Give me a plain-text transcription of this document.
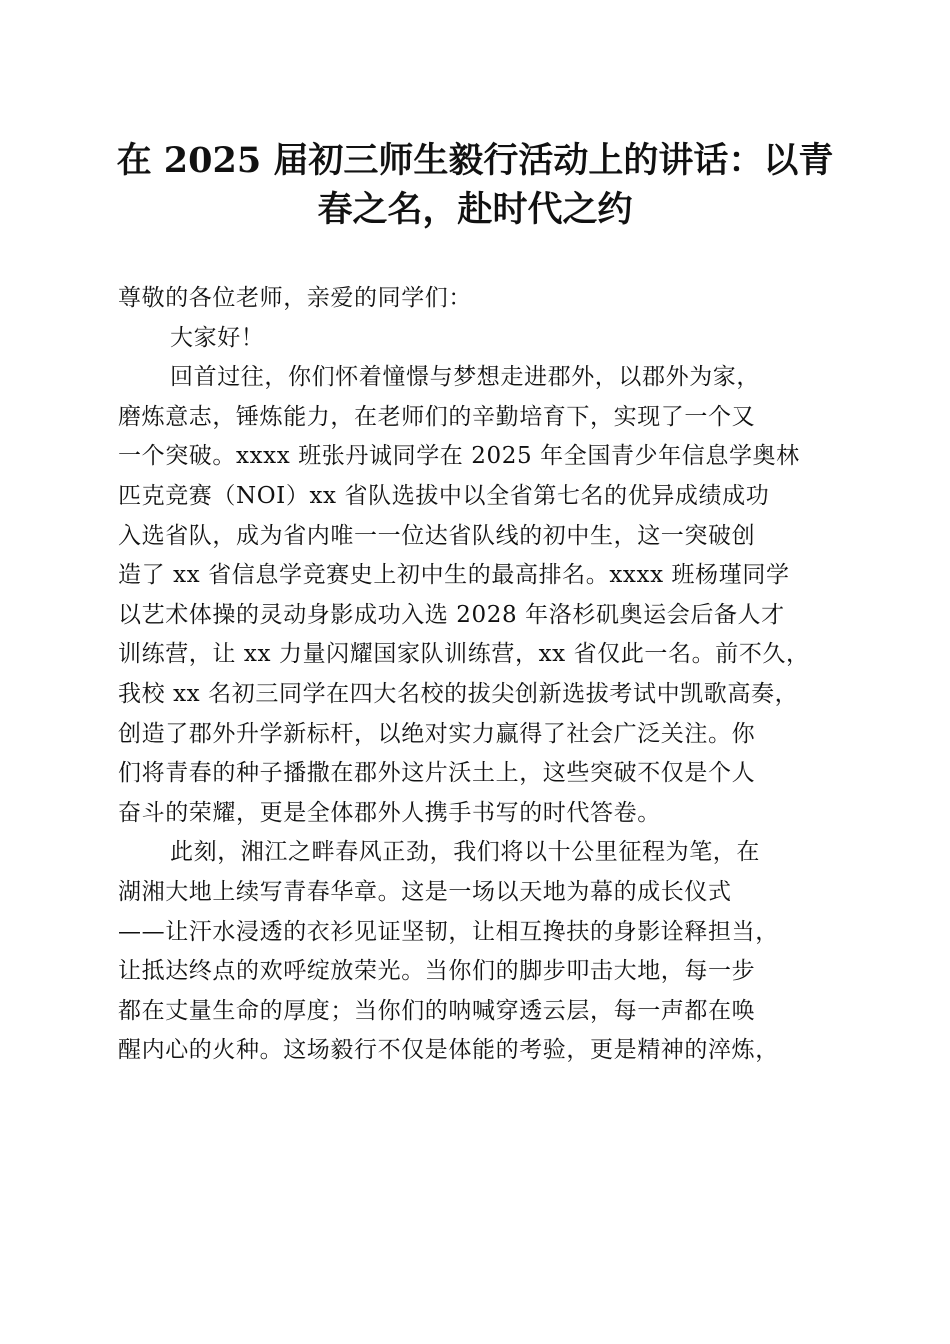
在 2025 届初三师生毅行活动上的讲话：以青
春之名，赴时代之约
尊敬的各位老师，亲爱的同学们：
大家好！
回首过往，你们怀着憧憬与梦想走进郡外，以郡外为家，
磨炼意志，锤炼能力，在老师们的辛勤培育下，实现了一个又
一个突破。xxxx 班张丹诚同学在 2025 年全国青少年信息学奥林
匹克竞赛（NOI）xx 省队选拔中以全省第七名的优异成绩成功
入选省队，成为省内唯一一位达省队线的初中生，这一突破创
造了 xx 省信息学竞赛史上初中生的最高排名。xxxx 班杨瑾同学
以艺术体操的灵动身影成功入选 2028 年洛杉矶奥运会后备人才
训练营，让 xx 力量闪耀国家队训练营，xx 省仅此一名。前不久，
我校 xx 名初三同学在四大名校的拔尖创新选拔考试中凯歌高奏，
创造了郡外升学新标杆，以绝对实力赢得了社会广泛关注。你
们将青春的种子播撒在郡外这片沃土上，这些突破不仅是个人
奋斗的荣耀，更是全体郡外人携手书写的时代答卷。
此刻，湘江之畔春风正劲，我们将以十公里征程为笔，在
湖湘大地上续写青春华章。这是一场以天地为幕的成长仪式
——让汗水浸透的衣衫见证坚韧，让相互搀扶的身影诠释担当，
让抵达终点的欢呼绽放荣光。当你们的脚步叩击大地，每一步
都在丈量生命的厚度；当你们的呐喊穿透云层，每一声都在唤
醒内心的火种。这场毅行不仅是体能的考验，更是精神的淬炼，
